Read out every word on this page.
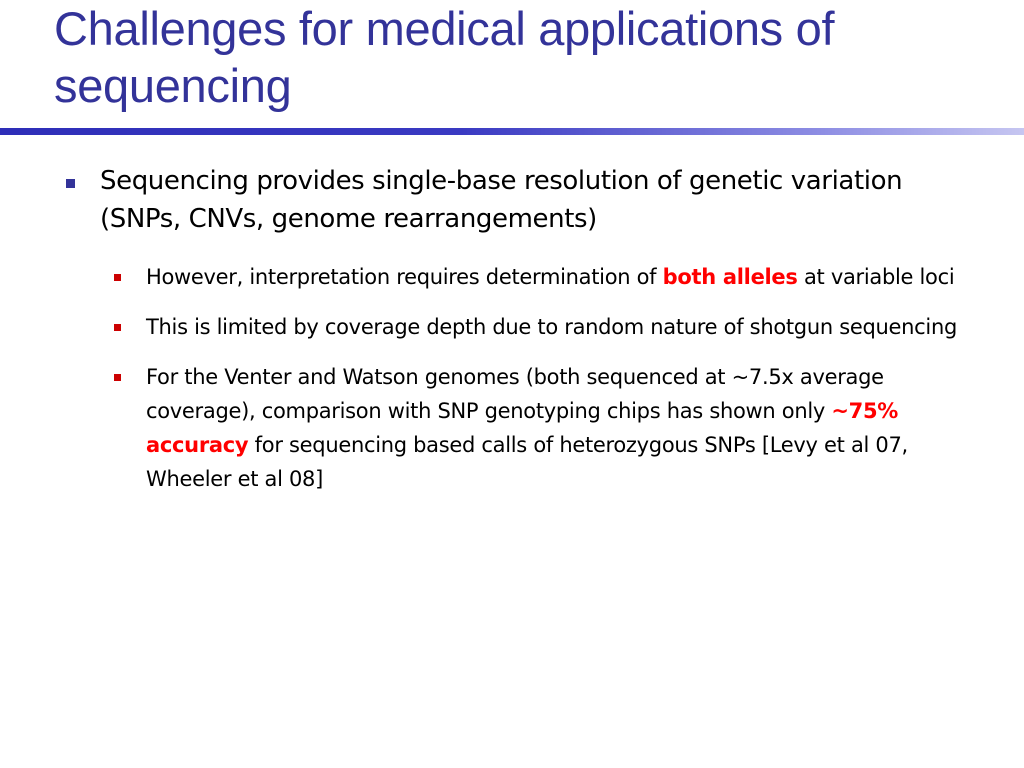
Challenges for medical applications of sequencing
Sequencing provides single-base resolution of genetic variation (SNPs, CNVs, genome rearrangements)
However, interpretation requires determination of both alleles at variable loci
This is limited by coverage depth due to random nature of shotgun sequencing
For the Venter and Watson genomes (both sequenced at ~7.5x average coverage), comparison with SNP genotyping chips has shown only ~75% accuracy for sequencing based calls of heterozygous SNPs [Levy et al 07, Wheeler et al 08]
